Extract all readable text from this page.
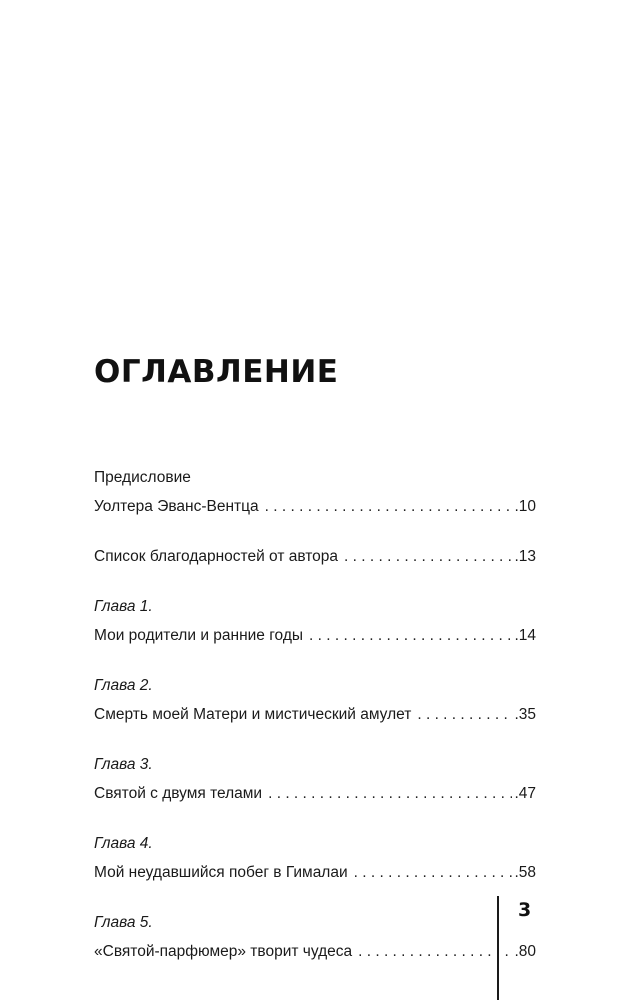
ОГЛАВЛЕНИЕ
Предисловие
Уолтера Эванс-Вентца . . .	.10
Список благодарностей от автора . . .	.13
Глава 1.
Мои родители и ранние годы . . .	.14
Глава 2.
Смерть моей Матери и мистический амулет . . .	.35
Глава 3.
Святой с двумя телами . . .	.47
Глава 4.
Мой неудавшийся побег в Гималаи . . .	.58
Глава 5.
«Святой-парфюмер» творит чудеса . . .	.80
3
